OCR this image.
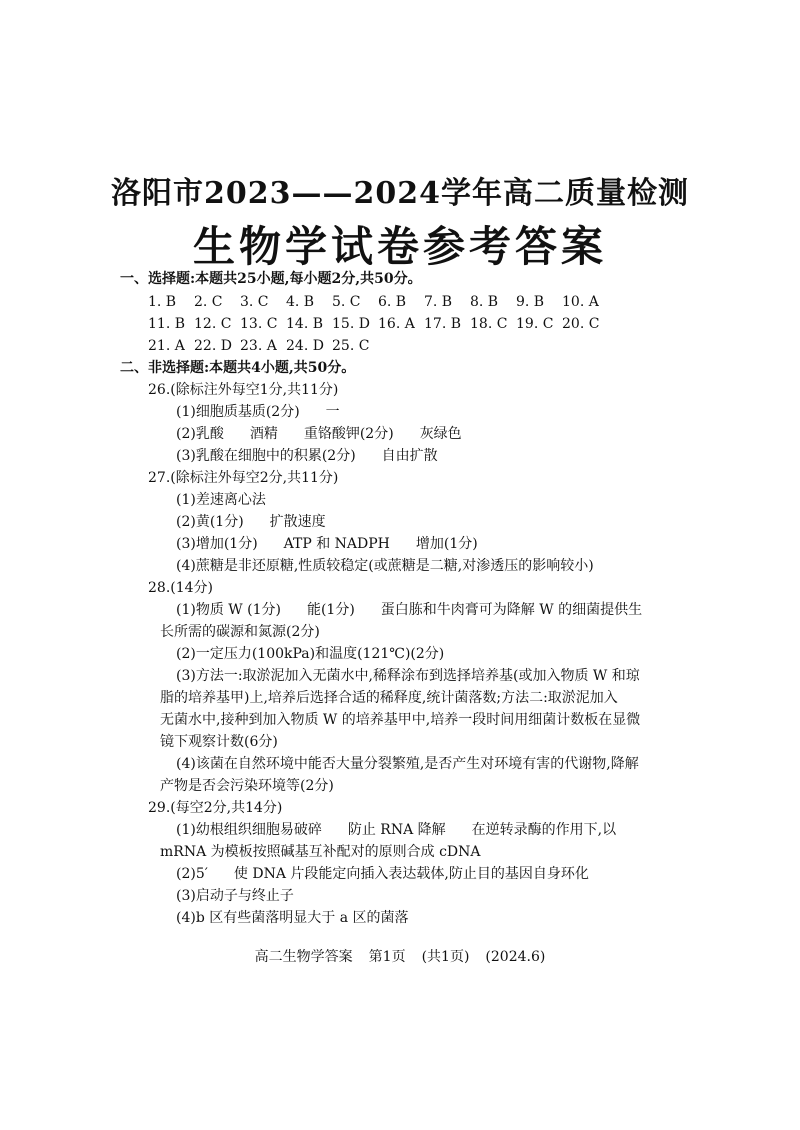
洛阳市2023——2024学年高二质量检测
生物学试卷参考答案
一、选择题:本题共25小题,每小题2分,共50分。
1. B 2. C 3. C 4. B 5. C 6. B 7. B 8. B 9. B 10. A
11. B 12. C 13. C 14. B 15. D 16. A 17. B 18. C 19. C 20. C
21. A 22. D 23. A 24. D 25. C
二、非选择题:本题共4小题,共50分。
26.(除标注外每空1分,共11分)
(1)细胞质基质(2分) 一
(2)乳酸 酒精 重铬酸钾(2分) 灰绿色
(3)乳酸在细胞中的积累(2分) 自由扩散
27.(除标注外每空2分,共11分)
(1)差速离心法
(2)黄(1分) 扩散速度
(3)增加(1分) ATP 和 NADPH 增加(1分)
(4)蔗糖是非还原糖,性质较稳定(或蔗糖是二糖,对渗透压的影响较小)
28.(14分)
(1)物质 W (1分) 能(1分) 蛋白胨和牛肉膏可为降解 W 的细菌提供生
长所需的碳源和氮源(2分)
(2)一定压力(100kPa)和温度(121℃)(2分)
(3)方法一:取淤泥加入无菌水中,稀释涂布到选择培养基(或加入物质 W 和琼
脂的培养基甲)上,培养后选择合适的稀释度,统计菌落数;方法二:取淤泥加入
无菌水中,接种到加入物质 W 的培养基甲中,培养一段时间用细菌计数板在显微
镜下观察计数(6分)
(4)该菌在自然环境中能否大量分裂繁殖,是否产生对环境有害的代谢物,降解
产物是否会污染环境等(2分)
29.(每空2分,共14分)
(1)幼根组织细胞易破碎 防止 RNA 降解 在逆转录酶的作用下,以
mRNA 为模板按照碱基互补配对的原则合成 cDNA
(2)5′ 使 DNA 片段能定向插入表达载体,防止目的基因自身环化
(3)启动子与终止子
(4)b 区有些菌落明显大于 a 区的菌落
高二生物学答案 第1页 (共1页) (2024.6)
